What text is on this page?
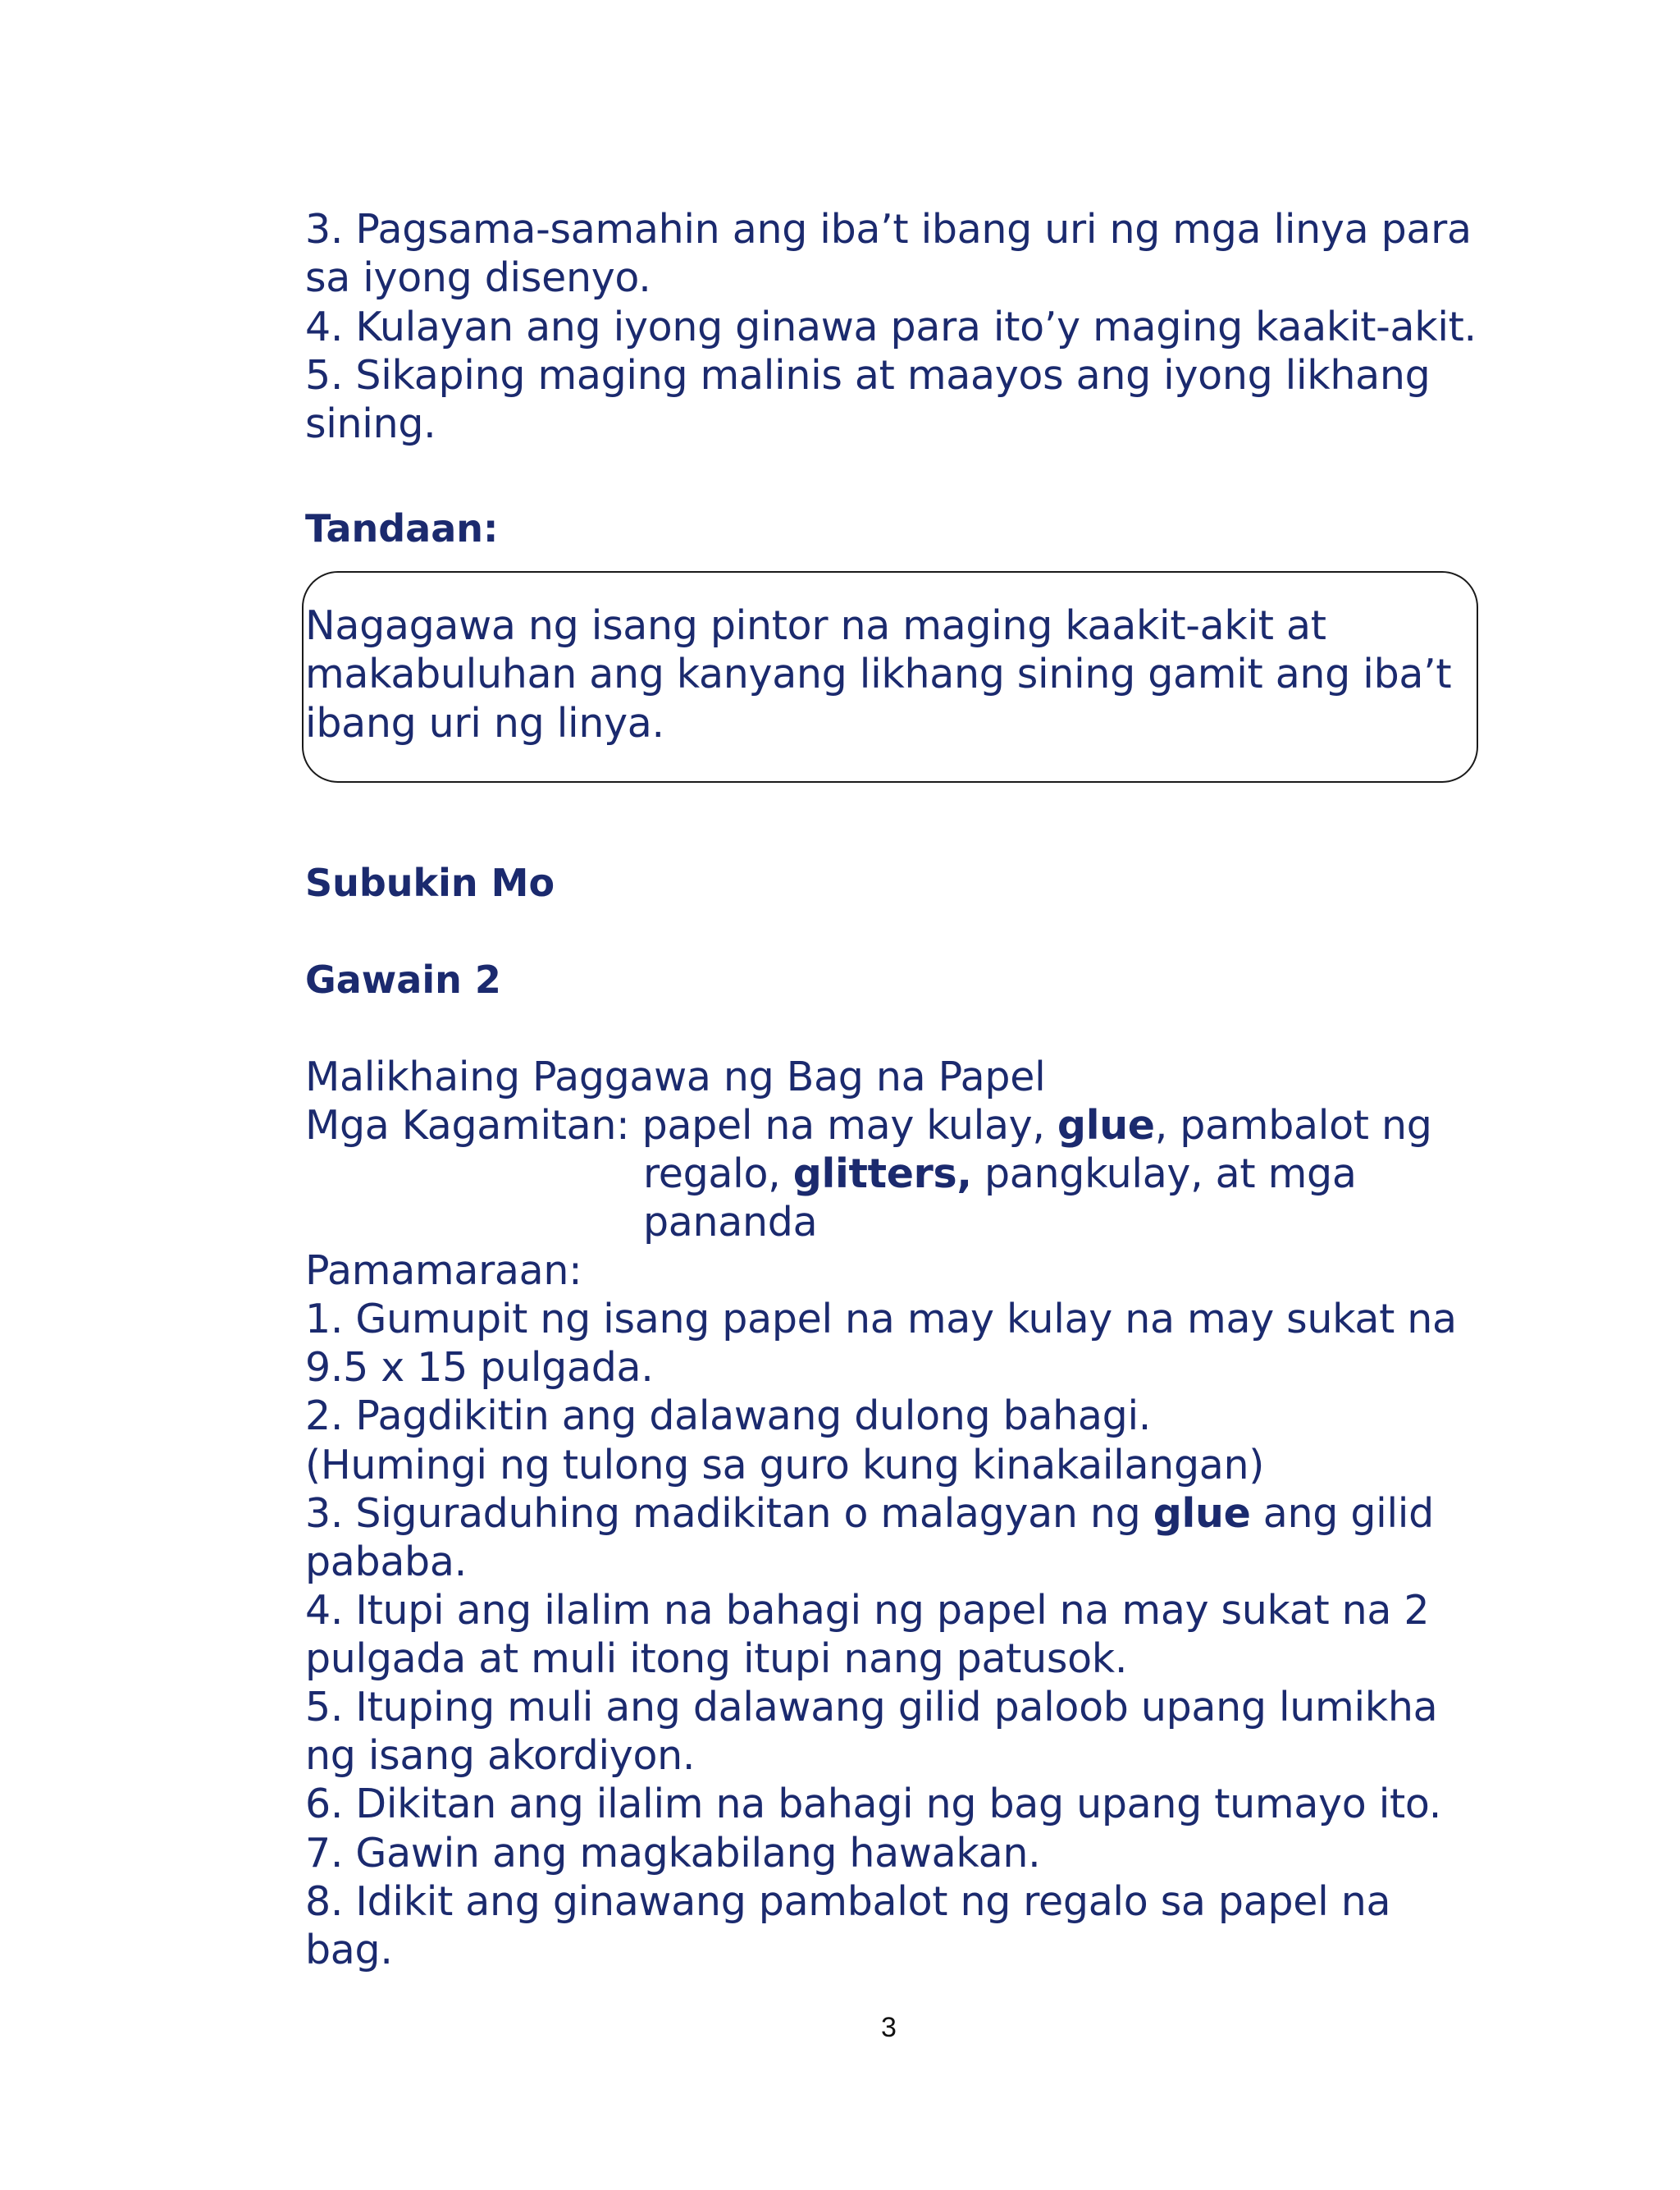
3. Pagsama-samahin ang iba’t ibang uri ng mga linya para
sa iyong disenyo.
4. Kulayan ang iyong ginawa para ito’y maging kaakit-akit.
5. Sikaping maging malinis at maayos ang iyong likhang
sining.
Tandaan:
Nagagawa ng isang pintor na maging kaakit-akit at
makabuluhan ang kanyang likhang sining gamit ang iba’t
ibang uri ng linya.
Subukin Mo
Gawain 2
Malikhaing Paggawa ng Bag na Papel
Mga Kagamitan: papel na may kulay, glue, pambalot ng
regalo, glitters, pangkulay, at mga
pananda
Pamamaraan:
1. Gumupit ng isang papel na may kulay na may sukat na
9.5 x 15 pulgada.
2. Pagdikitin ang dalawang dulong bahagi.
(Humingi ng tulong sa guro kung kinakailangan)
3. Siguraduhing madikitan o malagyan ng glue ang gilid
pababa.
4. Itupi ang ilalim na bahagi ng papel na may sukat na 2
pulgada at muli itong itupi nang patusok.
5. Ituping muli ang dalawang gilid paloob upang lumikha
ng isang akordiyon.
6. Dikitan ang ilalim na bahagi ng bag upang tumayo ito.
7. Gawin ang magkabilang hawakan.
8. Idikit ang ginawang pambalot ng regalo sa papel na
bag.
3
